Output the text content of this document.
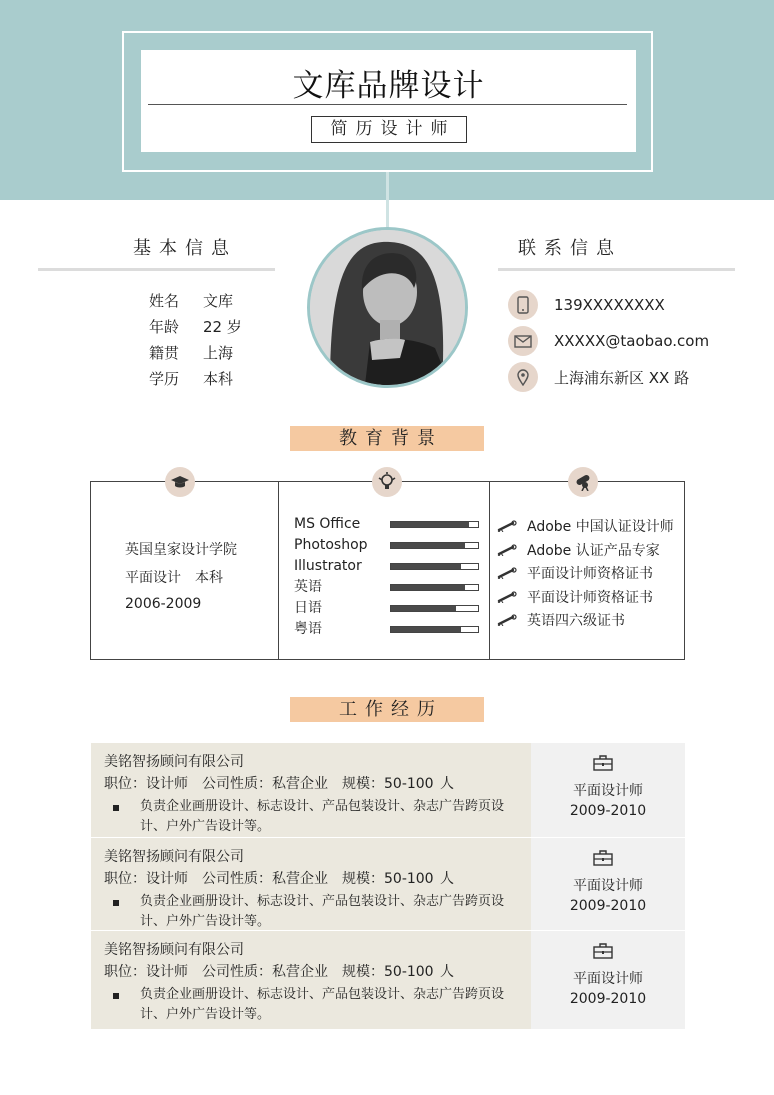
文库品牌设计
简历设计师
基本信息
姓名 文库
年龄 22 岁
籍贯 上海
学历 本科
联系信息
139XXXXXXXX
XXXXX@taobao.com
上海浦东新区 XX 路
教育背景
英国皇家设计学院
平面设计　本科
2006-2009
MS Office
Photoshop
Illustrator
英语
日语
粤语
Adobe 中国认证设计师
Adobe 认证产品专家
平面设计师资格证书
平面设计师资格证书
英语四六级证书
工作经历
美铭智扬顾问有限公司
职位：设计师　公司性质：私营企业　规模：50-100 人
负责企业画册设计、标志设计、产品包装设计、杂志广告跨页设计、户外广告设计等。
平面设计师
2009-2010
美铭智扬顾问有限公司
职位：设计师　公司性质：私营企业　规模：50-100 人
负责企业画册设计、标志设计、产品包装设计、杂志广告跨页设计、户外广告设计等。
平面设计师
2009-2010
美铭智扬顾问有限公司
职位：设计师　公司性质：私营企业　规模：50-100 人
负责企业画册设计、标志设计、产品包装设计、杂志广告跨页设计、户外广告设计等。
平面设计师
2009-2010
